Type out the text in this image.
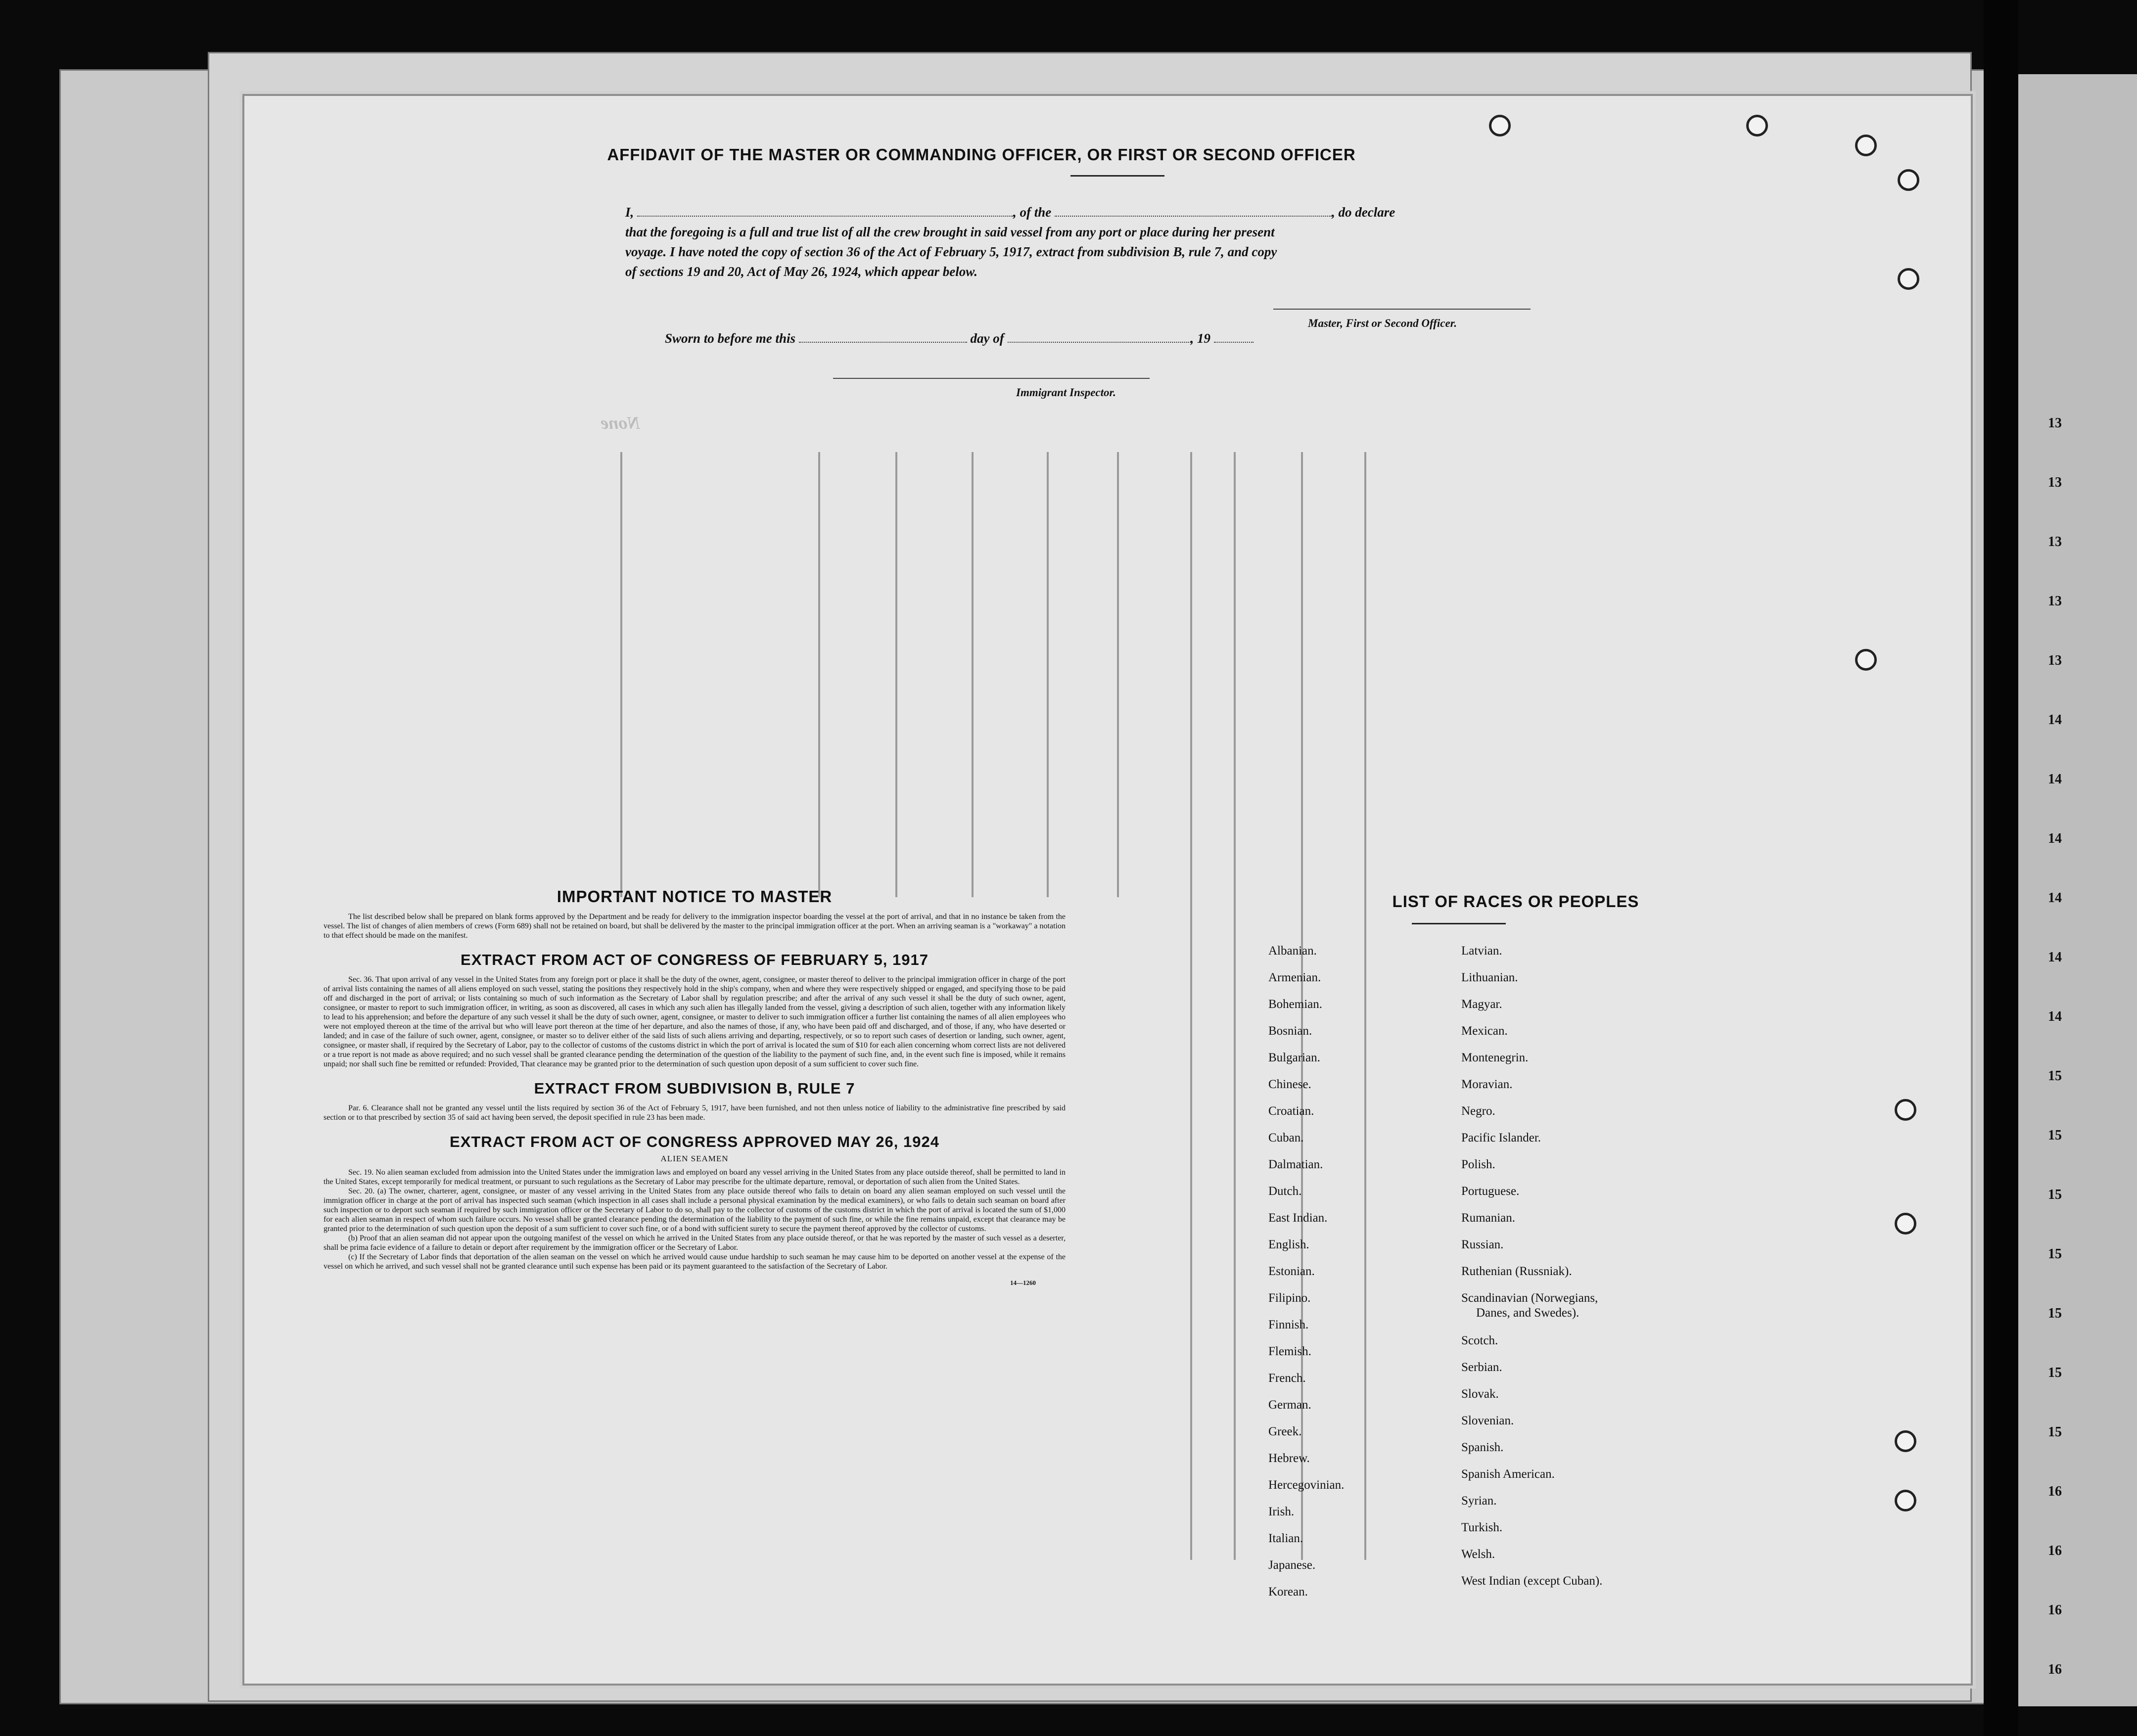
None
AFFIDAVIT OF THE MASTER OR COMMANDING OFFICER, OR FIRST OR SECOND OFFICER
I,	, of the	, do declare
that the foregoing is a full and true list of all the crew brought in said vessel from any port or place during her present
voyage. I have noted the copy of section 36 of the Act of February 5, 1917, extract from subdivision B, rule 7, and copy
of sections 19 and 20, Act of May 26, 1924, which appear below.
Master, First or Second Officer.
Sworn to before me this	day of	, 19
Immigrant Inspector.
IMPORTANT NOTICE TO MASTER
The list described below shall be prepared on blank forms approved by the Department and be ready for delivery to the immigration inspector boarding the vessel at the port of arrival, and that in no instance be taken from the vessel. The list of changes of alien members of crews (Form 689) shall not be retained on board, but shall be delivered by the master to the principal immigration officer at the port. When an arriving seaman is a "workaway" a notation to that effect should be made on the manifest.
EXTRACT FROM ACT OF CONGRESS OF FEBRUARY 5, 1917
Sec. 36. That upon arrival of any vessel in the United States from any foreign port or place it shall be the duty of the owner, agent, consignee, or master thereof to deliver to the principal immigration officer in charge of the port of arrival lists containing the names of all aliens employed on such vessel, stating the positions they respectively hold in the ship's company, when and where they were respectively shipped or engaged, and specifying those to be paid off and discharged in the port of arrival; or lists containing so much of such information as the Secretary of Labor shall by regulation prescribe; and after the arrival of any such vessel it shall be the duty of such owner, agent, consignee, or master to report to such immigration officer, in writing, as soon as discovered, all cases in which any such alien has illegally landed from the vessel, giving a description of such alien, together with any information likely to lead to his apprehension; and before the departure of any such vessel it shall be the duty of such owner, agent, consignee, or master to deliver to such immigration officer a further list containing the names of all alien employees who were not employed thereon at the time of the arrival but who will leave port thereon at the time of her departure, and also the names of those, if any, who have been paid off and discharged, and of those, if any, who have deserted or landed; and in case of the failure of such owner, agent, consignee, or master so to deliver either of the said lists of such aliens arriving and departing, respectively, or so to report such cases of desertion or landing, such owner, agent, consignee, or master shall, if required by the Secretary of Labor, pay to the collector of customs of the customs district in which the port of arrival is located the sum of $10 for each alien concerning whom correct lists are not delivered or a true report is not made as above required; and no such vessel shall be granted clearance pending the determination of the question of the liability to the payment of such fine, and, in the event such fine is imposed, while it remains unpaid; nor shall such fine be remitted or refunded: Provided, That clearance may be granted prior to the determination of such question upon deposit of a sum sufficient to cover such fine.
EXTRACT FROM SUBDIVISION B, RULE 7
Par. 6. Clearance shall not be granted any vessel until the lists required by section 36 of the Act of February 5, 1917, have been furnished, and not then unless notice of liability to the administrative fine prescribed by said section or to that prescribed by section 35 of said act having been served, the deposit specified in rule 23 has been made.
EXTRACT FROM ACT OF CONGRESS APPROVED MAY 26, 1924
ALIEN SEAMEN
Sec. 19. No alien seaman excluded from admission into the United States under the immigration laws and employed on board any vessel arriving in the United States from any place outside thereof, shall be permitted to land in the United States, except temporarily for medical treatment, or pursuant to such regulations as the Secretary of Labor may prescribe for the ultimate departure, removal, or deportation of such alien from the United States.
Sec. 20. (a) The owner, charterer, agent, consignee, or master of any vessel arriving in the United States from any place outside thereof who fails to detain on board any alien seaman employed on such vessel until the immigration officer in charge at the port of arrival has inspected such seaman (which inspection in all cases shall include a personal physical examination by the medical examiners), or who fails to detain such seaman on board after such inspection or to deport such seaman if required by such immigration officer or the Secretary of Labor to do so, shall pay to the collector of customs of the customs district in which the port of arrival is located the sum of $1,000 for each alien seaman in respect of whom such failure occurs. No vessel shall be granted clearance pending the determination of the liability to the payment of such fine, or while the fine remains unpaid, except that clearance may be granted prior to the determination of such question upon the deposit of a sum sufficient to cover such fine, or of a bond with sufficient surety to secure the payment thereof approved by the collector of customs.
(b) Proof that an alien seaman did not appear upon the outgoing manifest of the vessel on which he arrived in the United States from any place outside thereof, or that he was reported by the master of such vessel as a deserter, shall be prima facie evidence of a failure to detain or deport after requirement by the immigration officer or the Secretary of Labor.
(c) If the Secretary of Labor finds that deportation of the alien seaman on the vessel on which he arrived would cause undue hardship to such seaman he may cause him to be deported on another vessel at the expense of the vessel on which he arrived, and such vessel shall not be granted clearance until such expense has been paid or its payment guaranteed to the satisfaction of the Secretary of Labor.
14—1260
LIST OF RACES OR PEOPLES
Albanian.
Armenian.
Bohemian.
Bosnian.
Bulgarian.
Chinese.
Croatian.
Cuban.
Dalmatian.
Dutch.
East Indian.
English.
Estonian.
Filipino.
Finnish.
Flemish.
French.
German.
Greek.
Hebrew.
Hercegovinian.
Irish.
Italian.
Japanese.
Korean.
Latvian.
Lithuanian.
Magyar.
Mexican.
Montenegrin.
Moravian.
Negro.
Pacific Islander.
Polish.
Portuguese.
Rumanian.
Russian.
Ruthenian (Russniak).
Scandinavian (Norwegians,
Danes, and Swedes).
Scotch.
Serbian.
Slovak.
Slovenian.
Spanish.
Spanish American.
Syrian.
Turkish.
Welsh.
West Indian (except Cuban).
13
13
13
13
13
14
14
14
14
14
14
15
15
15
15
15
15
15
16
16
16
16
